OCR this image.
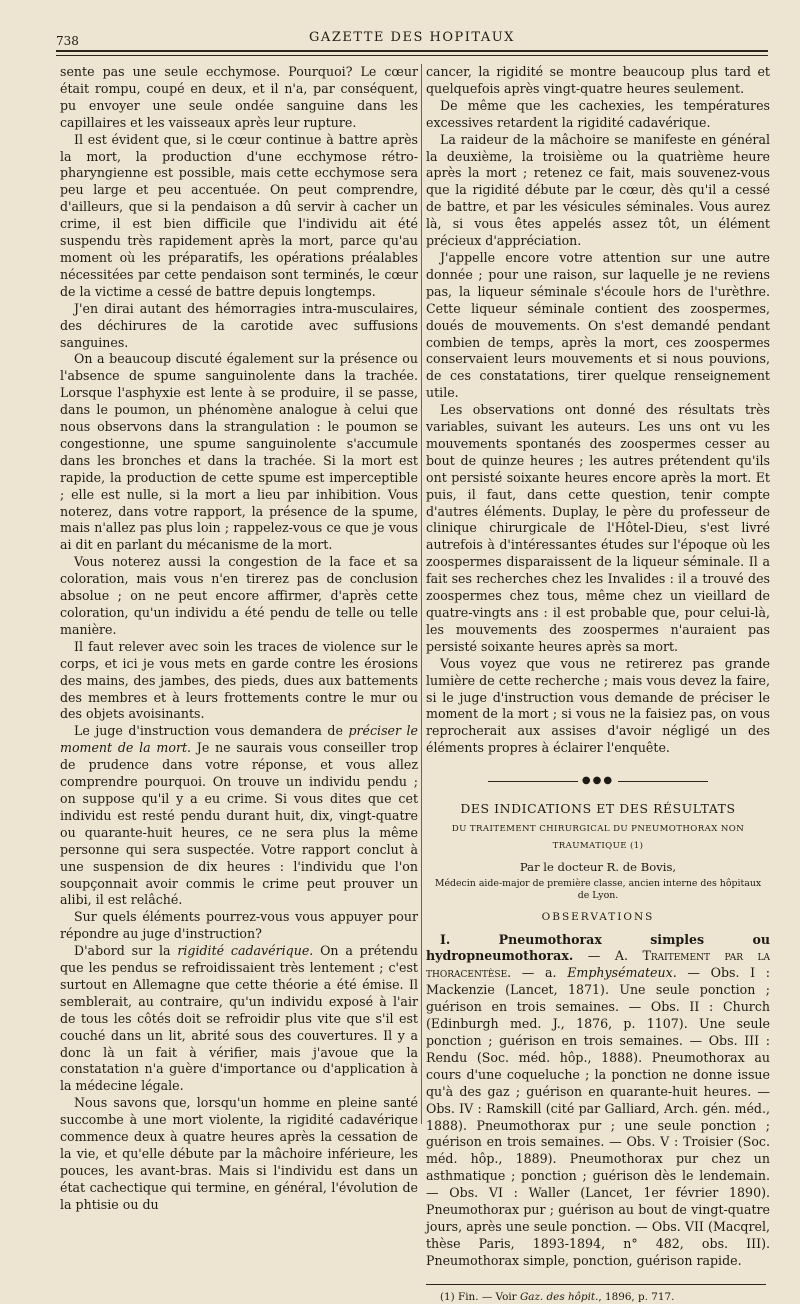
738	GAZETTE DES HOPITAUX

sente pas une seule ecchymose. Pourquoi? Le cœur était rompu, coupé en deux, et il n'a, par conséquent, pu envoyer une seule ondée sanguine dans les capillaires et les vaisseaux après leur rupture.

Il est évident que, si le cœur continue à battre après la mort, la production d'une ecchymose rétro-pharyngienne est possible, mais cette ecchymose sera peu large et peu accentuée. On peut comprendre, d'ailleurs, que si la pendaison a dû servir à cacher un crime, il est bien difficile que l'individu ait été suspendu très rapidement après la mort, parce qu'au moment où les préparatifs, les opérations préalables nécessitées par cette pendaison sont terminés, le cœur de la victime a cessé de battre depuis longtemps.

J'en dirai autant des hémorragies intra-musculaires, des déchirures de la carotide avec suffusions sanguines.

On a beaucoup discuté également sur la présence ou l'absence de spume sanguinolente dans la trachée. Lorsque l'asphyxie est lente à se produire, il se passe, dans le poumon, un phénomène analogue à celui que nous observons dans la strangulation : le poumon se congestionne, une spume sanguinolente s'accumule dans les bronches et dans la trachée. Si la mort est rapide, la production de cette spume est imperceptible ; elle est nulle, si la mort a lieu par inhibition. Vous noterez, dans votre rapport, la présence de la spume, mais n'allez pas plus loin ; rappelez-vous ce que je vous ai dit en parlant du mécanisme de la mort.

Vous noterez aussi la congestion de la face et sa coloration, mais vous n'en tirerez pas de conclusion absolue ; on ne peut encore affirmer, d'après cette coloration, qu'un individu a été pendu de telle ou telle manière.

Il faut relever avec soin les traces de violence sur le corps, et ici je vous mets en garde contre les érosions des mains, des jambes, des pieds, dues aux battements des membres et à leurs frottements contre le mur ou des objets avoisinants.

Le juge d'instruction vous demandera de préciser le moment de la mort. Je ne saurais vous conseiller trop de prudence dans votre réponse, et vous allez comprendre pourquoi. On trouve un individu pendu ; on suppose qu'il y a eu crime. Si vous dites que cet individu est resté pendu durant huit, dix, vingt-quatre ou quarante-huit heures, ce ne sera plus la même personne qui sera suspectée. Votre rapport conclut à une suspension de dix heures : l'individu que l'on soupçonnait avoir commis le crime peut prouver un alibi, il est relâché.

Sur quels éléments pourrez-vous vous appuyer pour répondre au juge d'instruction?

D'abord sur la rigidité cadavérique. On a prétendu que les pendus se refroidissaient très lentement ; c'est surtout en Allemagne que cette théorie a été émise. Il semblerait, au contraire, qu'un individu exposé à l'air de tous les côtés doit se refroidir plus vite que s'il est couché dans un lit, abrité sous des couvertures. Il y a donc là un fait à vérifier, mais j'avoue que la constatation n'a guère d'importance ou d'application à la médecine légale.

Nous savons que, lorsqu'un homme en pleine santé succombe à une mort violente, la rigidité cadavérique commence deux à quatre heures après la cessation de la vie, et qu'elle débute par la mâchoire inférieure, les pouces, les avant-bras. Mais si l'individu est dans un état cachectique qui termine, en général, l'évolution de la phtisie ou du

cancer, la rigidité se montre beaucoup plus tard et quelquefois après vingt-quatre heures seulement.

De même que les cachexies, les températures excessives retardent la rigidité cadavérique.

La raideur de la mâchoire se manifeste en général la deuxième, la troisième ou la quatrième heure après la mort ; retenez ce fait, mais souvenez-vous que la rigidité débute par le cœur, dès qu'il a cessé de battre, et par les vésicules séminales. Vous aurez là, si vous êtes appelés assez tôt, un élément précieux d'appréciation.

J'appelle encore votre attention sur une autre donnée ; pour une raison, sur laquelle je ne reviens pas, la liqueur séminale s'écoule hors de l'urèthre. Cette liqueur séminale contient des zoospermes, doués de mouvements. On s'est demandé pendant combien de temps, après la mort, ces zoospermes conservaient leurs mouvements et si nous pouvions, de ces constatations, tirer quelque renseignement utile.

Les observations ont donné des résultats très variables, suivant les auteurs. Les uns ont vu les mouvements spontanés des zoospermes cesser au bout de quinze heures ; les autres prétendent qu'ils ont persisté soixante heures encore après la mort. Et puis, il faut, dans cette question, tenir compte d'autres éléments. Duplay, le père du professeur de clinique chirurgicale de l'Hôtel-Dieu, s'est livré autrefois à d'intéressantes études sur l'époque où les zoospermes disparaissent de la liqueur séminale. Il a fait ses recherches chez les Invalides : il a trouvé des zoospermes chez tous, même chez un vieillard de quatre-vingts ans : il est probable que, pour celui-là, les mouvements des zoospermes n'auraient pas persisté soixante heures après sa mort.

Vous voyez que vous ne retirerez pas grande lumière de cette recherche ; mais vous devez la faire, si le juge d'instruction vous demande de préciser le moment de la mort ; si vous ne la faisiez pas, on vous reprocherait aux assises d'avoir négligé un des éléments propres à éclairer l'enquête.

●●●
DES INDICATIONS ET DES RÉSULTATS
DU TRAITEMENT CHIRURGICAL DU PNEUMOTHORAX NON TRAUMATIQUE (1)
Par le docteur R. de Bovis,
Médecin aide-major de première classe, ancien interne des hôpitaux de Lyon.
OBSERVATIONS

I. Pneumothorax simples ou hydropneumothorax. — A. Traitement par la thoracentèse. — a. Emphysémateux. — Obs. I : Mackenzie (Lancet, 1871). Une seule ponction ; guérison en trois semaines. — Obs. II : Church (Edinburgh med. J., 1876, p. 1107). Une seule ponction ; guérison en trois semaines. — Obs. III : Rendu (Soc. méd. hôp., 1888). Pneumothorax au cours d'une coqueluche ; la ponction ne donne issue qu'à des gaz ; guérison en quarante-huit heures. — Obs. IV : Ramskill (cité par Galliard, Arch. gén. méd., 1888). Pneumothorax pur ; une seule ponction ; guérison en trois semaines. — Obs. V : Troisier (Soc. méd. hôp., 1889). Pneumothorax pur chez un asthmatique ; ponction ; guérison dès le lendemain. — Obs. VI : Waller (Lancet, 1er février 1890). Pneumothorax pur ; guérison au bout de vingt-quatre jours, après une seule ponction. — Obs. VII (Macqrel, thèse Paris, 1893-1894, n° 482, obs. III). Pneumothorax simple, ponction, guérison rapide.

(1) Fin. — Voir Gaz. des hôpit., 1896, p. 717.
